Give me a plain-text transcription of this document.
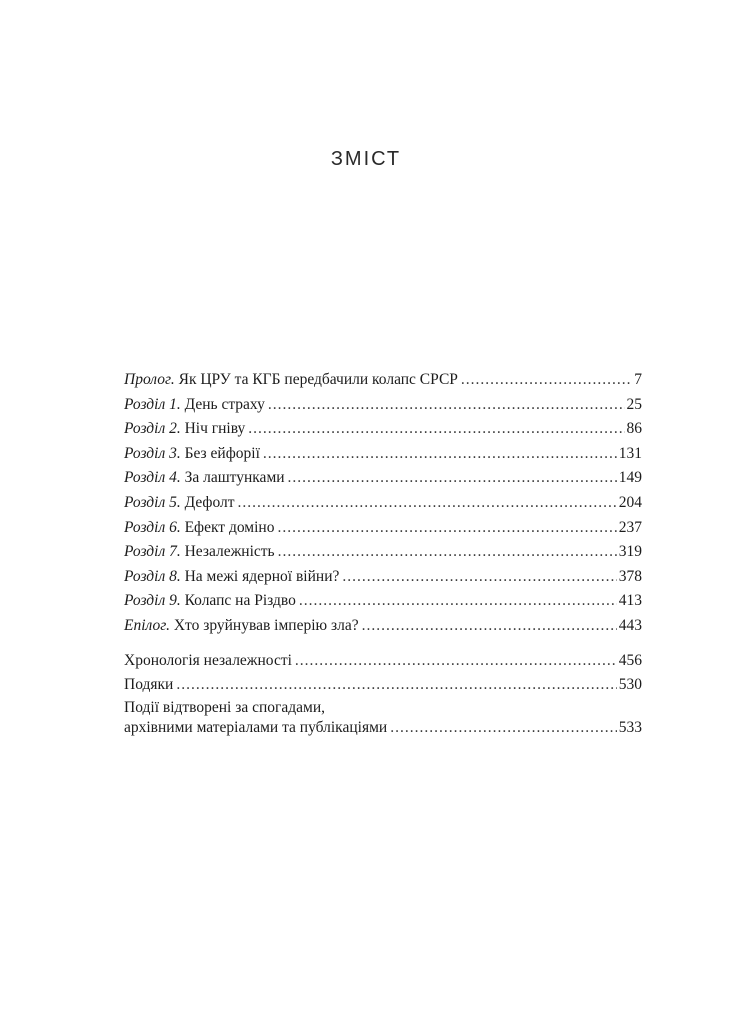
ЗМІСТ
Пролог. Як ЦРУ та КГБ передбачили колапс СРСР .....	7
Розділ 1. День страху .....	25
Розділ 2. Ніч гніву .....	86
Розділ 3. Без ейфорії .....	131
Розділ 4. За лаштунками .....	149
Розділ 5. Дефолт .....	204
Розділ 6. Ефект доміно .....	237
Розділ 7. Незалежність .....	319
Розділ 8. На межі ядерної війни? .....	378
Розділ 9. Колапс на Різдво .....	413
Епілог. Хто зруйнував імперію зла? .....	443
Хронологія незалежності .....	456
Подяки .....	530
Події відтворені за спогадами,
архівними матеріалами та публікаціями .....	533
